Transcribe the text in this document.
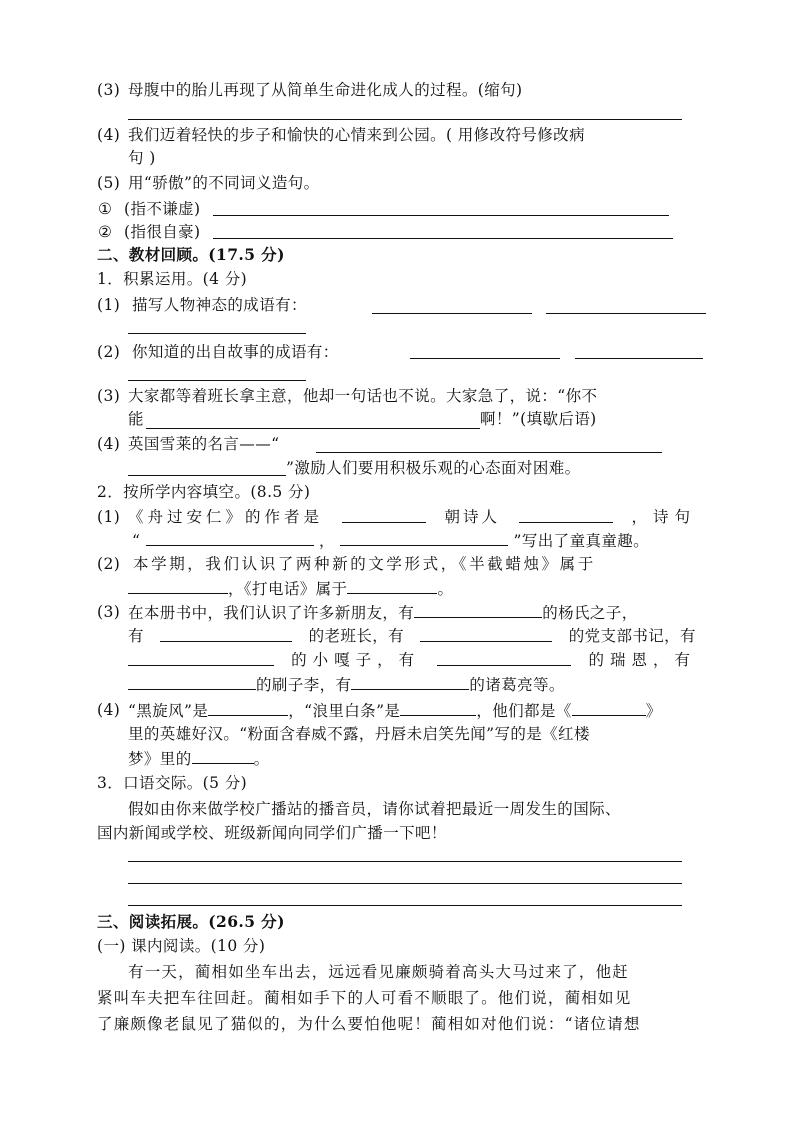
(3) 母腹中的胎儿再现了从简单生命进化成人的过程。(缩句)
(4) 我们迈着轻快的步子和愉快的心情来到公园。( 用修改符号修改病
句 )
(5) 用“骄傲”的不同词义造句。
① (指不谦虚)
② (指很自豪)
二、教材回顾。(17.5 分)
1．积累运用。(4 分)
(1) 描写人物神态的成语有：
(2) 你知道的出自故事的成语有：
(3) 大家都等着班长拿主意，他却一句话也不说。大家急了，说：“你不
能	啊！”(填歇后语)
(4) 英国雪莱的名言——“
”激励人们要用积极乐观的心态面对困难。
2．按所学内容填空。(8.5 分)
(1) 《舟过安仁》的作者是	朝诗人	，诗句
“	，	”写出了童真童趣。
(2) 本学期，我们认识了两种新的文学形式，《半截蜡烛》属于
，《打电话》属于	。
(3) 在本册书中，我们认识了许多新朋友，有	的杨氏之子，
有	的老班长，有	的党支部书记，有
的小嘎子，有	的瑞恩，有
的刷子李，有	的诸葛亮等。
(4) “黑旋风”是	，“浪里白条”是	，他们都是《	》
里的英雄好汉。“粉面含春威不露，丹唇未启笑先闻”写的是《红楼
梦》里的	。
3．口语交际。(5 分)
假如由你来做学校广播站的播音员，请你试着把最近一周发生的国际、
国内新闻或学校、班级新闻向同学们广播一下吧！
三、阅读拓展。(26.5 分)
(一) 课内阅读。(10 分)
有一天，蔺相如坐车出去，远远看见廉颇骑着高头大马过来了，他赶
紧叫车夫把车往回赶。蔺相如手下的人可看不顺眼了。他们说，蔺相如见
了廉颇像老鼠见了猫似的，为什么要怕他呢！蔺相如对他们说：“诸位请想
